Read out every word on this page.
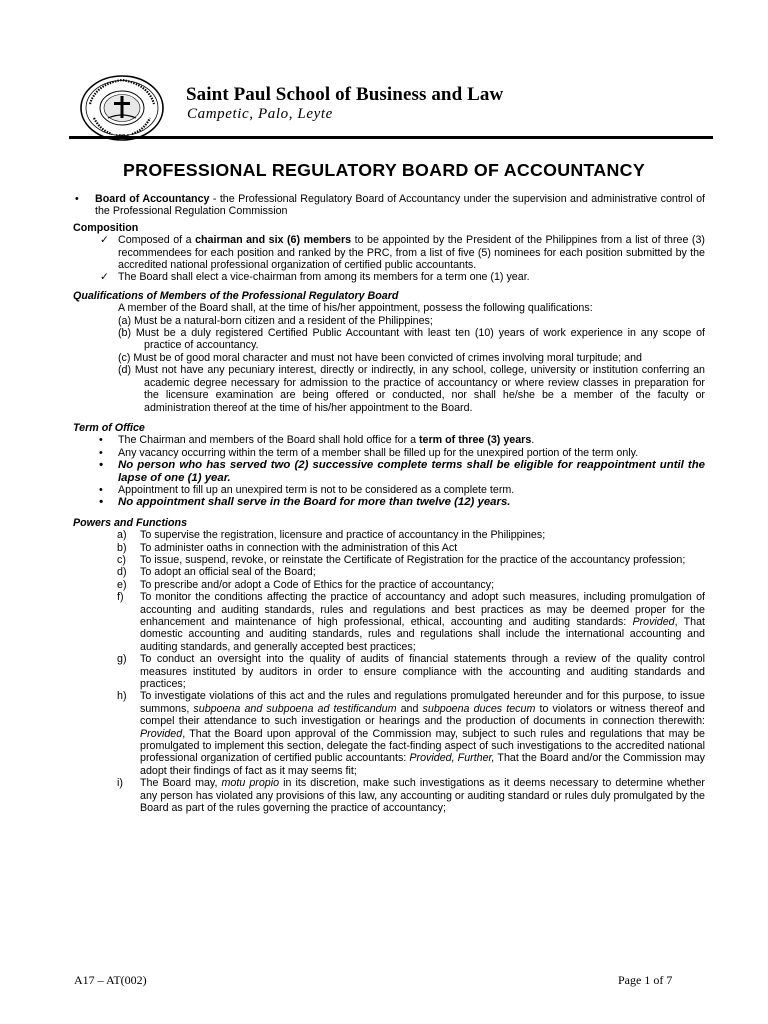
Saint Paul School of Business and Law
Campetic, Palo, Leyte
PROFESSIONAL REGULATORY BOARD OF ACCOUNTANCY
• Board of Accountancy - the Professional Regulatory Board of Accountancy under the supervision and administrative control of the Professional Regulation Commission
Composition
✓ Composed of a chairman and six (6) members to be appointed by the President of the Philippines from a list of three (3) recommendees for each position and ranked by the PRC, from a list of five (5) nominees for each position submitted by the accredited national professional organization of certified public accountants.
✓ The Board shall elect a vice-chairman from among its members for a term one (1) year.
Qualifications of Members of the Professional Regulatory Board
A member of the Board shall, at the time of his/her appointment, possess the following qualifications:
(a) Must be a natural-born citizen and a resident of the Philippines;
(b) Must be a duly registered Certified Public Accountant with least ten (10) years of work experience in any scope of practice of accountancy.
(c) Must be of good moral character and must not have been convicted of crimes involving moral turpitude; and
(d) Must not have any pecuniary interest, directly or indirectly, in any school, college, university or institution conferring an academic degree necessary for admission to the practice of accountancy or where review classes in preparation for the licensure examination are being offered or conducted, nor shall he/she be a member of the faculty or administration thereof at the time of his/her appointment to the Board.
Term of Office
• The Chairman and members of the Board shall hold office for a term of three (3) years.
• Any vacancy occurring within the term of a member shall be filled up for the unexpired portion of the term only.
• No person who has served two (2) successive complete terms shall be eligible for reappointment until the lapse of one (1) year.
• Appointment to fill up an unexpired term is not to be considered as a complete term.
• No appointment shall serve in the Board for more than twelve (12) years.
Powers and Functions
a) To supervise the registration, licensure and practice of accountancy in the Philippines;
b) To administer oaths in connection with the administration of this Act
c) To issue, suspend, revoke, or reinstate the Certificate of Registration for the practice of the accountancy profession;
d) To adopt an official seal of the Board;
e) To prescribe and/or adopt a Code of Ethics for the practice of accountancy;
f) To monitor the conditions affecting the practice of accountancy and adopt such measures, including promulgation of accounting and auditing standards, rules and regulations and best practices as may be deemed proper for the enhancement and maintenance of high professional, ethical, accounting and auditing standards: Provided, That domestic accounting and auditing standards, rules and regulations shall include the international accounting and auditing standards, and generally accepted best practices;
g) To conduct an oversight into the quality of audits of financial statements through a review of the quality control measures instituted by auditors in order to ensure compliance with the accounting and auditing standards and practices;
h) To investigate violations of this act and the rules and regulations promulgated hereunder and for this purpose, to issue summons, subpoena and subpoena ad testificandum and subpoena duces tecum to violators or witness thereof and compel their attendance to such investigation or hearings and the production of documents in connection therewith: Provided, That the Board upon approval of the Commission may, subject to such rules and regulations that may be promulgated to implement this section, delegate the fact-finding aspect of such investigations to the accredited national professional organization of certified public accountants: Provided, Further, That the Board and/or the Commission may adopt their findings of fact as it may seems fit;
i) The Board may, motu propio in its discretion, make such investigations as it deems necessary to determine whether any person has violated any provisions of this law, any accounting or auditing standard or rules duly promulgated by the Board as part of the rules governing the practice of accountancy;
A17 – AT(002)	Page 1 of 7
